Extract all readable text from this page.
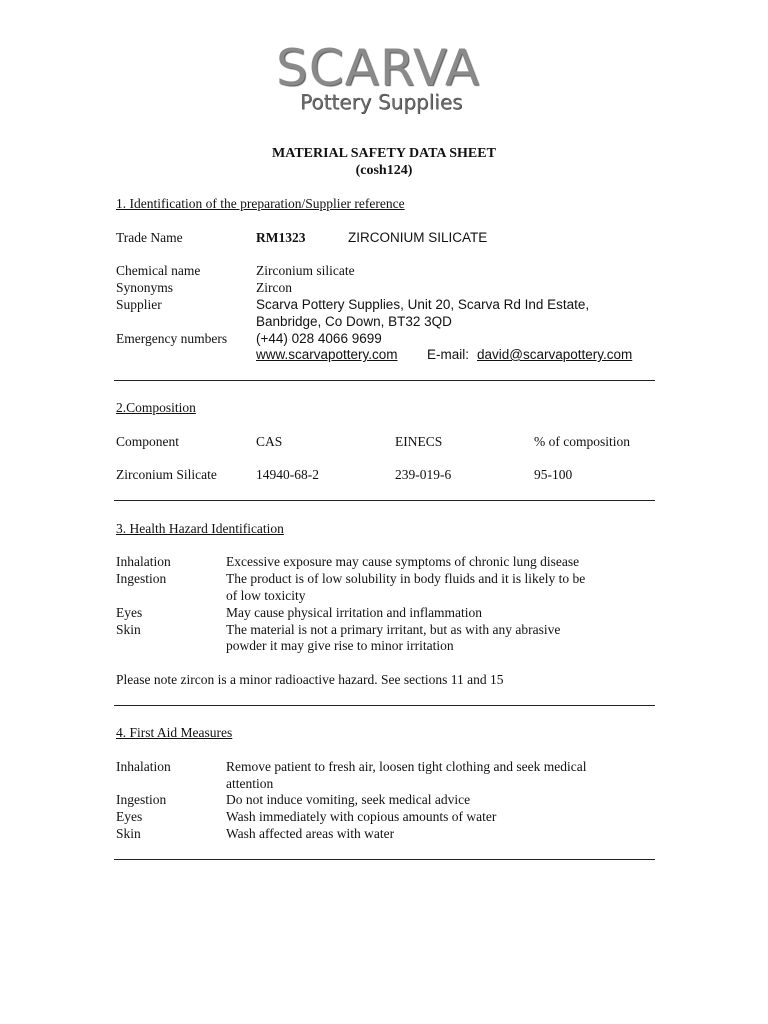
SCARVA
Pottery Supplies
MATERIAL SAFETY DATA SHEET
(cosh124)
1. Identification of the preparation/Supplier reference
Trade Name	RM1323	ZIRCONIUM SILICATE
Chemical name	Zirconium silicate
Synonyms	Zircon
Supplier	Scarva Pottery Supplies, Unit 20, Scarva Rd Ind Estate,
Banbridge, Co Down, BT32 3QD
Emergency numbers (+44) 028 4066 9699
www.scarvapottery.com E-mail: david@scarvapottery.com
2.Composition
Component	CAS	EINECS	% of composition
Zirconium Silicate	14940-68-2	239-019-6	95-100
3. Health Hazard Identification
Inhalation	Excessive exposure may cause symptoms of chronic lung disease
Ingestion	The product is of low solubility in body fluids and it is likely to be
of low toxicity
Eyes	May cause physical irritation and inflammation
Skin	The material is not a primary irritant, but as with any abrasive
powder it may give rise to minor irritation
Please note zircon is a minor radioactive hazard. See sections 11 and 15
4. First Aid Measures
Inhalation	Remove patient to fresh air, loosen tight clothing and seek medical
attention
Ingestion	Do not induce vomiting, seek medical advice
Eyes	Wash immediately with copious amounts of water
Skin	Wash affected areas with water
